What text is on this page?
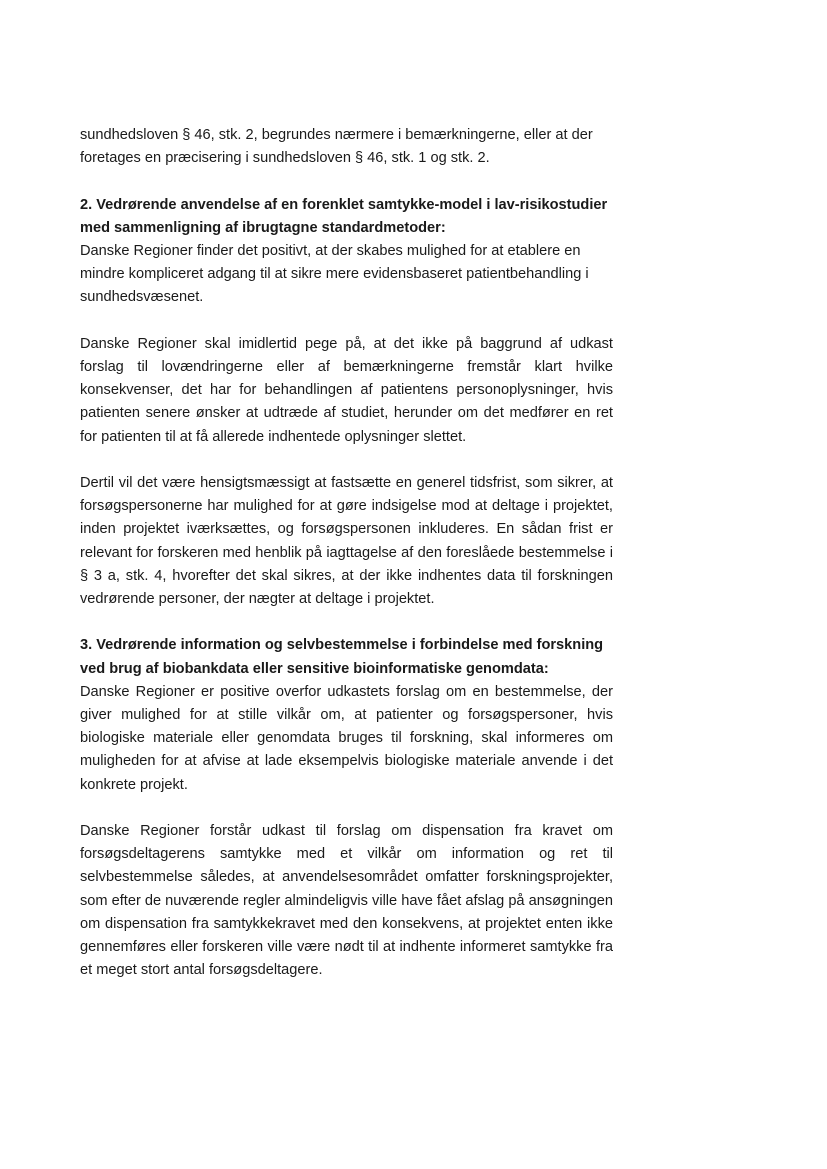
sundhedsloven § 46, stk. 2, begrundes nærmere i bemærkningerne, eller at der foretages en præcisering i sundhedsloven § 46, stk. 1 og stk. 2.

2. Vedrørende anvendelse af en forenklet samtykke-model i lav-risikostudier med sammenligning af ibrugtagne standardmetoder:

Danske Regioner finder det positivt, at der skabes mulighed for at etablere en mindre kompliceret adgang til at sikre mere evidensbaseret patientbehandling i sundhedsvæsenet.

Danske Regioner skal imidlertid pege på, at det ikke på baggrund af udkast forslag til lovændringerne eller af bemærkningerne fremstår klart hvilke konsekvenser, det har for behandlingen af patientens personoplysninger, hvis patienten senere ønsker at udtræde af studiet, herunder om det medfører en ret for patienten til at få allerede indhentede oplysninger slettet.

Dertil vil det være hensigtsmæssigt at fastsætte en generel tidsfrist, som sikrer, at forsøgspersonerne har mulighed for at gøre indsigelse mod at deltage i projektet, inden projektet iværksættes, og forsøgspersonen inkluderes. En sådan frist er relevant for forskeren med henblik på iagttagelse af den foreslåede bestemmelse i § 3 a, stk. 4, hvorefter det skal sikres, at der ikke indhentes data til forskningen vedrørende personer, der nægter at deltage i projektet.

3. Vedrørende information og selvbestemmelse i forbindelse med forskning ved brug af biobankdata eller sensitive bioinformatiske genomdata:

Danske Regioner er positive overfor udkastets forslag om en bestemmelse, der giver mulighed for at stille vilkår om, at patienter og forsøgspersoner, hvis biologiske materiale eller genomdata bruges til forskning, skal informeres om muligheden for at afvise at lade eksempelvis biologiske materiale anvende i det konkrete projekt.

Danske Regioner forstår udkast til forslag om dispensation fra kravet om forsøgsdeltagerens samtykke med et vilkår om information og ret til selvbestemmelse således, at anvendelsesområdet omfatter forskningsprojekter, som efter de nuværende regler almindeligvis ville have fået afslag på ansøgningen om dispensation fra samtykkekravet med den konsekvens, at projektet enten ikke gennemføres eller forskeren ville være nødt til at indhente informeret samtykke fra et meget stort antal forsøgsdeltagere.
